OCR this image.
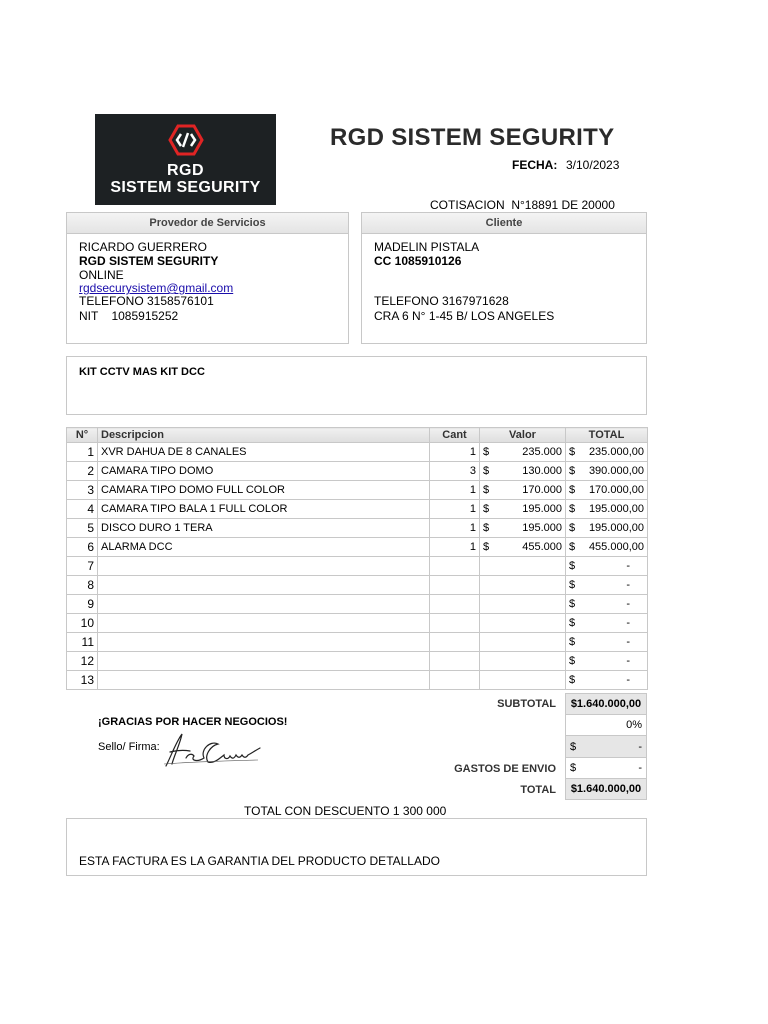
RGD
SISTEM SEGURITY
RGD SISTEM SEGURITY
FECHA: 3/10/2023
COTISACION  N°18891 DE 20000
Provedor de Servicios
RICARDO GUERRERO
RGD SISTEM SEGURITY
ONLINE
rgdsecurysistem@gmail.com
TELEFONO 3158576101
NIT    1085915252
Cliente
MADELIN PISTALA
CC 1085910126
TELEFONO 3167971628
CRA 6 N° 1-45 B/ LOS ANGELES
KIT CCTV MAS KIT DCC
N°	Descripcion	Cant	Valor	TOTAL
1	XVR DAHUA DE 8 CANALES	1	$ 235.000	$ 235.000,00

2	CAMARA TIPO DOMO	3	$ 130.000	$ 390.000,00

3	CAMARA TIPO DOMO FULL COLOR	1	$ 170.000	$ 170.000,00

4	CAMARA TIPO BALA 1 FULL COLOR	1	$ 195.000	$ 195.000,00

5	DISCO DURO 1 TERA	1	$ 195.000	$ 195.000,00

6	ALARMA DCC	1	$ 455.000	$ 455.000,00

7				$ -

8				$ -

9				$ -

10				$ -

11				$ -

12				$ -

13				$ -
SUBTOTAL $1.640.000,00
0%
$	-
GASTOS DE ENVIO $	-
TOTAL $1.640.000,00
¡GRACIAS POR HACER NEGOCIOS!
Sello/ Firma:
TOTAL CON DESCUENTO 1 300 000
ESTA FACTURA ES LA GARANTIA DEL PRODUCTO DETALLADO
